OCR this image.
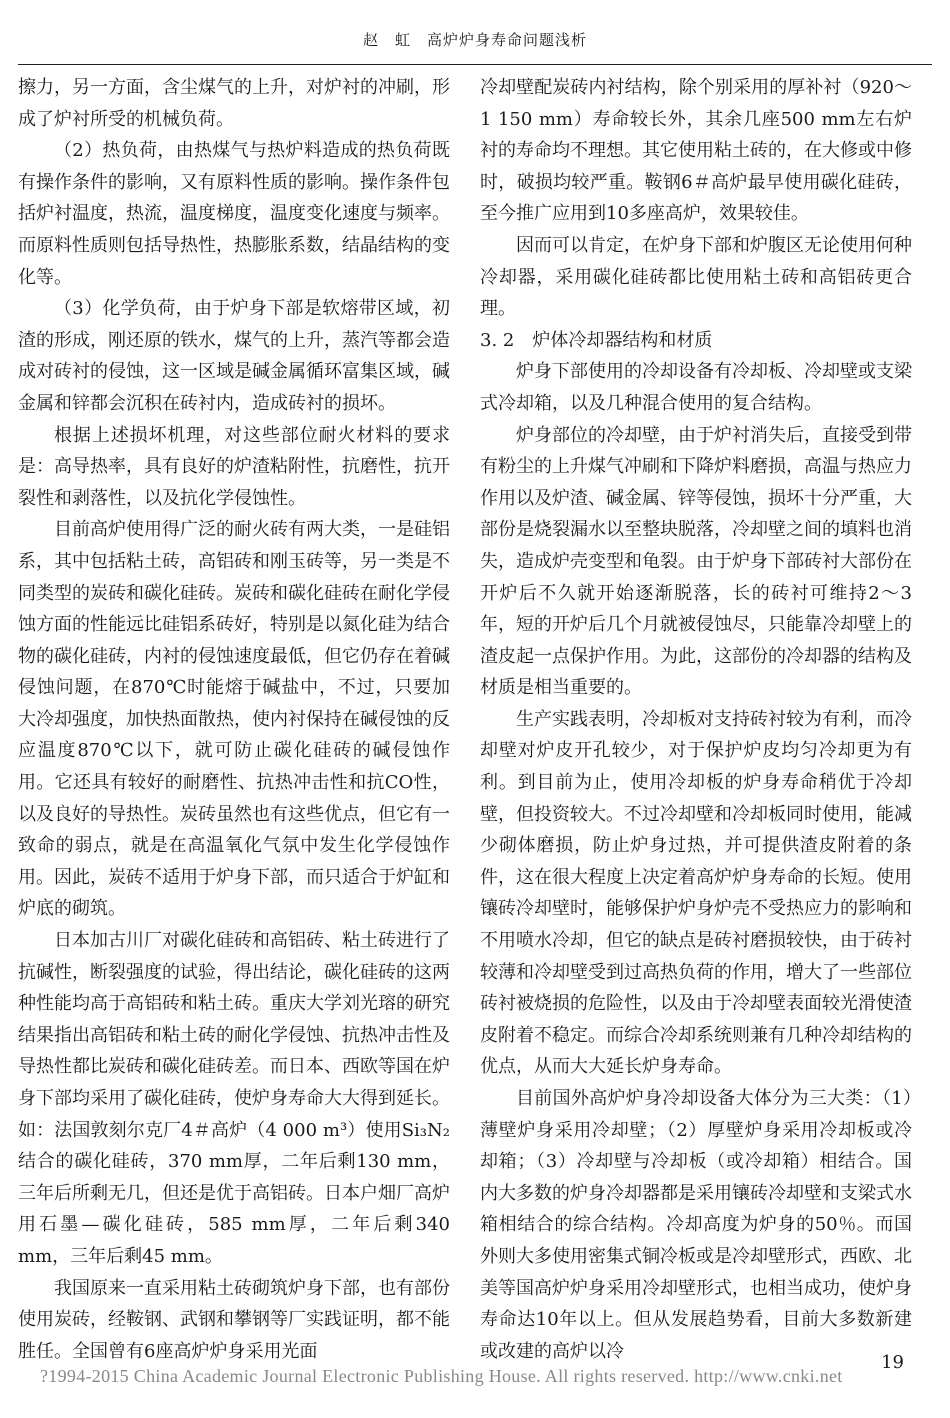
赵　虹　高炉炉身寿命问题浅析

擦力，另一方面，含尘煤气的上升，对炉衬的冲刷，形成了炉衬所受的机械负荷。

（2）热负荷，由热煤气与热炉料造成的热负荷既有操作条件的影响，又有原料性质的影响。操作条件包括炉衬温度，热流，温度梯度，温度变化速度与频率。而原料性质则包括导热性，热膨胀系数，结晶结构的变化等。

（3）化学负荷，由于炉身下部是软熔带区域，初渣的形成，刚还原的铁水，煤气的上升，蒸汽等都会造成对砖衬的侵蚀，这一区域是碱金属循环富集区域，碱金属和锌都会沉积在砖衬内，造成砖衬的损坏。

根据上述损坏机理，对这些部位耐火材料的要求是：高导热率，具有良好的炉渣粘附性，抗磨性，抗开裂性和剥落性，以及抗化学侵蚀性。

目前高炉使用得广泛的耐火砖有两大类，一是硅铝系，其中包括粘土砖，高铝砖和刚玉砖等，另一类是不同类型的炭砖和碳化硅砖。炭砖和碳化硅砖在耐化学侵蚀方面的性能远比硅铝系砖好，特别是以氮化硅为结合物的碳化硅砖，内衬的侵蚀速度最低，但它仍存在着碱侵蚀问题，在870℃时能熔于碱盐中，不过，只要加大冷却强度，加快热面散热，使内衬保持在碱侵蚀的反应温度870℃以下，就可防止碳化硅砖的碱侵蚀作用。它还具有较好的耐磨性、抗热冲击性和抗CO性，以及良好的导热性。炭砖虽然也有这些优点，但它有一致命的弱点，就是在高温氧化气氛中发生化学侵蚀作用。因此，炭砖不适用于炉身下部，而只适合于炉缸和炉底的砌筑。

日本加古川厂对碳化硅砖和高铝砖、粘土砖进行了抗碱性，断裂强度的试验，得出结论，碳化硅砖的这两种性能均高于高铝砖和粘土砖。重庆大学刘光瑢的研究结果指出高铝砖和粘土砖的耐化学侵蚀、抗热冲击性及导热性都比炭砖和碳化硅砖差。而日本、西欧等国在炉身下部均采用了碳化硅砖，使炉身寿命大大得到延长。如：法国敦刻尔克厂4＃高炉（4 000 m³）使用Si₃N₂结合的碳化硅砖，370 mm厚，二年后剩130 mm，三年后所剩无几，但还是优于高铝砖。日本户畑厂高炉用石墨—碳化硅砖，585 mm厚，二年后剩340 mm，三年后剩45 mm。

我国原来一直采用粘土砖砌筑炉身下部，也有部份使用炭砖，经鞍钢、武钢和攀钢等厂实践证明，都不能胜任。全国曾有6座高炉炉身采用光面

冷却壁配炭砖内衬结构，除个别采用的厚补衬（920～1 150 mm）寿命较长外，其余几座500 mm左右炉衬的寿命均不理想。其它使用粘土砖的，在大修或中修时，破损均较严重。鞍钢6＃高炉最早使用碳化硅砖，至今推广应用到10多座高炉，效果较佳。

因而可以肯定，在炉身下部和炉腹区无论使用何种冷却器，采用碳化硅砖都比使用粘土砖和高铝砖更合理。

3. 2　炉体冷却器结构和材质

炉身下部使用的冷却设备有冷却板、冷却壁或支梁式冷却箱，以及几种混合使用的复合结构。

炉身部位的冷却壁，由于炉衬消失后，直接受到带有粉尘的上升煤气冲刷和下降炉料磨损，高温与热应力作用以及炉渣、碱金属、锌等侵蚀，损坏十分严重，大部份是烧裂漏水以至整块脱落，冷却壁之间的填料也消失，造成炉壳变型和龟裂。由于炉身下部砖衬大部份在开炉后不久就开始逐渐脱落，长的砖衬可维持2～3年，短的开炉后几个月就被侵蚀尽，只能靠冷却壁上的渣皮起一点保护作用。为此，这部份的冷却器的结构及材质是相当重要的。

生产实践表明，冷却板对支持砖衬较为有利，而冷却壁对炉皮开孔较少，对于保护炉皮均匀冷却更为有利。到目前为止，使用冷却板的炉身寿命稍优于冷却壁，但投资较大。不过冷却壁和冷却板同时使用，能减少砌体磨损，防止炉身过热，并可提供渣皮附着的条件，这在很大程度上决定着高炉炉身寿命的长短。使用镶砖冷却壁时，能够保护炉身炉壳不受热应力的影响和不用喷水冷却，但它的缺点是砖衬磨损较快，由于砖衬较薄和冷却壁受到过高热负荷的作用，增大了一些部位砖衬被烧损的危险性，以及由于冷却壁表面较光滑使渣皮附着不稳定。而综合冷却系统则兼有几种冷却结构的优点，从而大大延长炉身寿命。

目前国外高炉炉身冷却设备大体分为三大类：（1）薄壁炉身采用冷却壁；（2）厚壁炉身采用冷却板或冷却箱；（3）冷却壁与冷却板（或冷却箱）相结合。国内大多数的炉身冷却器都是采用镶砖冷却壁和支梁式水箱相结合的综合结构。冷却高度为炉身的50％。而国外则大多使用密集式铜冷板或是冷却壁形式，西欧、北美等国高炉炉身采用冷却壁形式，也相当成功，使炉身寿命达10年以上。但从发展趋势看，目前大多数新建或改建的高炉以冷

19
?1994-2015 China Academic Journal Electronic Publishing House. All rights reserved. http://www.cnki.net
